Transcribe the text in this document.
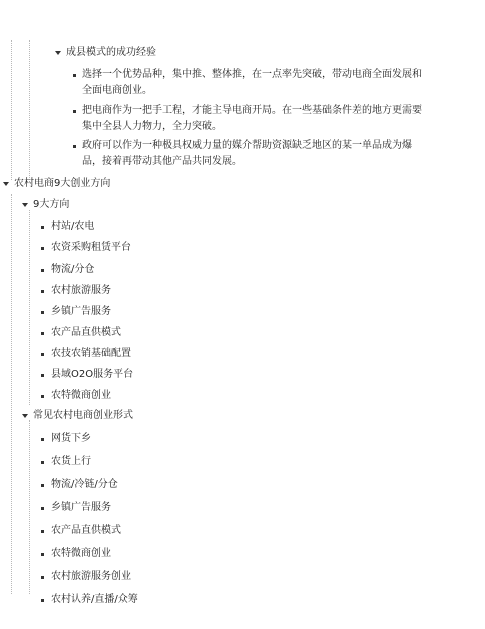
成县模式的成功经验
选择一个优势品种，集中推、整体推，在一点率先突破，带动电商全面发展和
全面电商创业。
把电商作为一把手工程，才能主导电商开局。在一些基础条件差的地方更需要
集中全县人力物力，全力突破。
政府可以作为一种极具权威力量的媒介帮助资源缺乏地区的某一单品成为爆
品，接着再带动其他产品共同发展。
农村电商9大创业方向
9大方向
村站/农电
农资采购租赁平台
物流/分仓
农村旅游服务
乡镇广告服务
农产品直供模式
农技农销基础配置
县域O2O服务平台
农特微商创业
常见农村电商创业形式
网货下乡
农货上行
物流/冷链/分仓
乡镇广告服务
农产品直供模式
农特微商创业
农村旅游服务创业
农村认养/直播/众筹
